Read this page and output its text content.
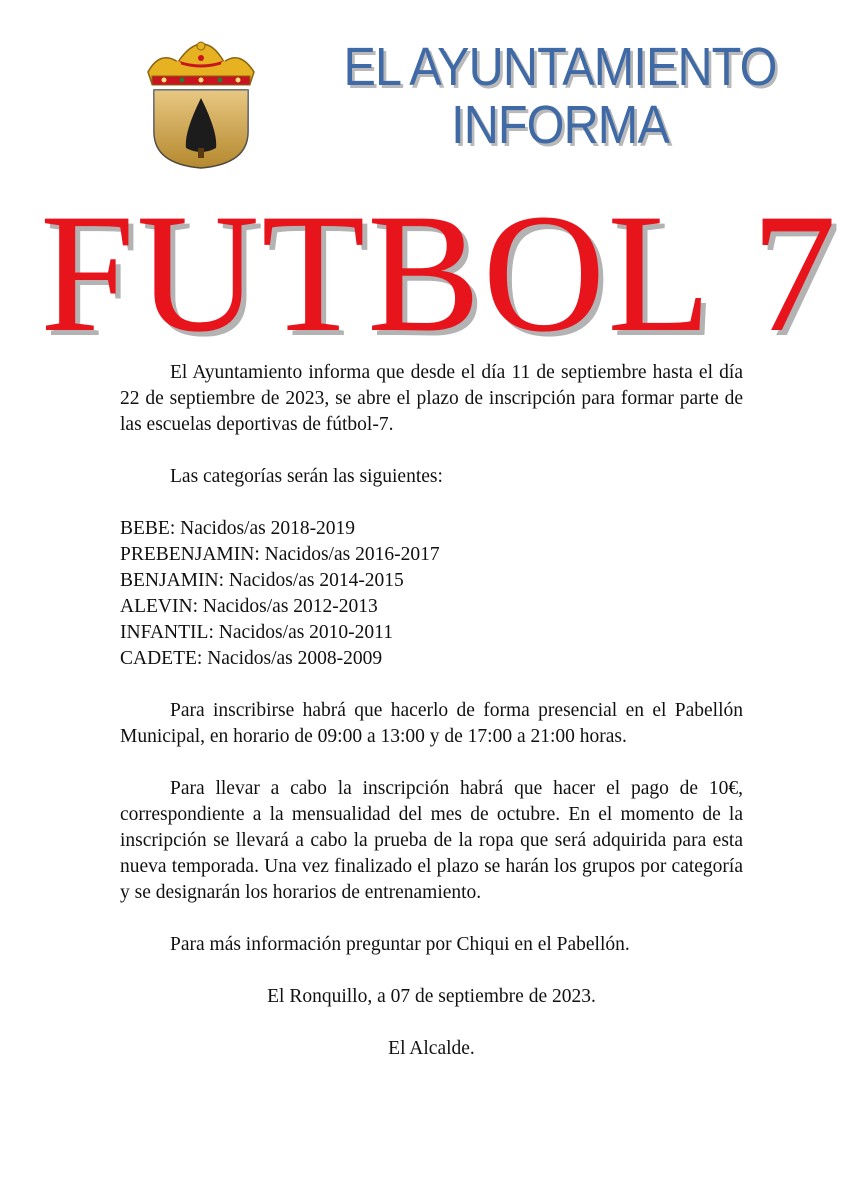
EL AYUNTAMIENTO
INFORMA
FUTBOL 7

El Ayuntamiento informa que desde el día 11 de septiembre hasta el día 22 de septiembre de 2023, se abre el plazo de inscripción para formar parte de las escuelas deportivas de fútbol-7.

Las categorías serán las siguientes:

BEBE: Nacidos/as 2018-2019
PREBENJAMIN: Nacidos/as 2016-2017
BENJAMIN: Nacidos/as 2014-2015
ALEVIN: Nacidos/as 2012-2013
INFANTIL: Nacidos/as 2010-2011
CADETE: Nacidos/as 2008-2009

Para inscribirse habrá que hacerlo de forma presencial en el Pabellón Municipal, en horario de 09:00 a 13:00 y de 17:00 a 21:00 horas.

Para llevar a cabo la inscripción habrá que hacer el pago de 10€, correspondiente a la mensualidad del mes de octubre. En el momento de la inscripción se llevará a cabo la prueba de la ropa que será adquirida para esta nueva temporada. Una vez finalizado el plazo se harán los grupos por categoría y se designarán los horarios de entrenamiento.

Para más información preguntar por Chiqui en el Pabellón.

El Ronquillo, a 07 de septiembre de 2023.

El Alcalde.
